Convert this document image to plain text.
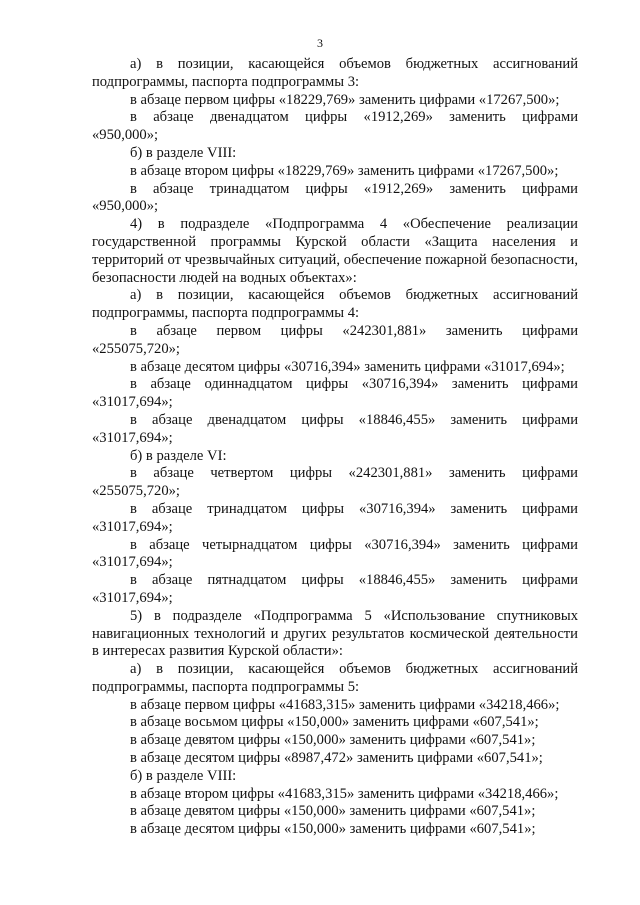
3

а) в позиции, касающейся объемов бюджетных ассигнований подпрограммы, паспорта подпрограммы 3:

в абзаце первом цифры «18229,769» заменить цифрами «17267,500»;

в абзаце двенадцатом цифры «1912,269» заменить цифрами

«950,000»;

б) в разделе VIII:

в абзаце втором цифры «18229,769» заменить цифрами «17267,500»;

в абзаце тринадцатом цифры «1912,269» заменить цифрами

«950,000»;

4) в подразделе «Подпрограмма 4 «Обеспечение реализации государственной программы Курской области «Защита населения и территорий от чрезвычайных ситуаций, обеспечение пожарной безопасности, безопасности людей на водных объектах»:

а) в позиции, касающейся объемов бюджетных ассигнований подпрограммы, паспорта подпрограммы 4:

в абзаце первом цифры «242301,881» заменить цифрами

«255075,720»;

в абзаце десятом цифры «30716,394» заменить цифрами «31017,694»;

в абзаце одиннадцатом цифры «30716,394» заменить цифрами

«31017,694»;

в абзаце двенадцатом цифры «18846,455» заменить цифрами

«31017,694»;

б) в разделе VI:

в абзаце четвертом цифры «242301,881» заменить цифрами

«255075,720»;

в абзаце тринадцатом цифры «30716,394» заменить цифрами

«31017,694»;

в абзаце четырнадцатом цифры «30716,394» заменить цифрами

«31017,694»;

в абзаце пятнадцатом цифры «18846,455» заменить цифрами

«31017,694»;

5) в подразделе «Подпрограмма 5 «Использование спутниковых навигационных технологий и других результатов космической деятельности в интересах развития Курской области»:

а) в позиции, касающейся объемов бюджетных ассигнований подпрограммы, паспорта подпрограммы 5:

в абзаце первом цифры «41683,315» заменить цифрами «34218,466»;

в абзаце восьмом цифры «150,000» заменить цифрами «607,541»;

в абзаце девятом цифры «150,000» заменить цифрами «607,541»;

в абзаце десятом цифры «8987,472» заменить цифрами «607,541»;

б) в разделе VIII:

в абзаце втором цифры «41683,315» заменить цифрами «34218,466»;

в абзаце девятом цифры «150,000» заменить цифрами «607,541»;

в абзаце десятом цифры «150,000» заменить цифрами «607,541»;
